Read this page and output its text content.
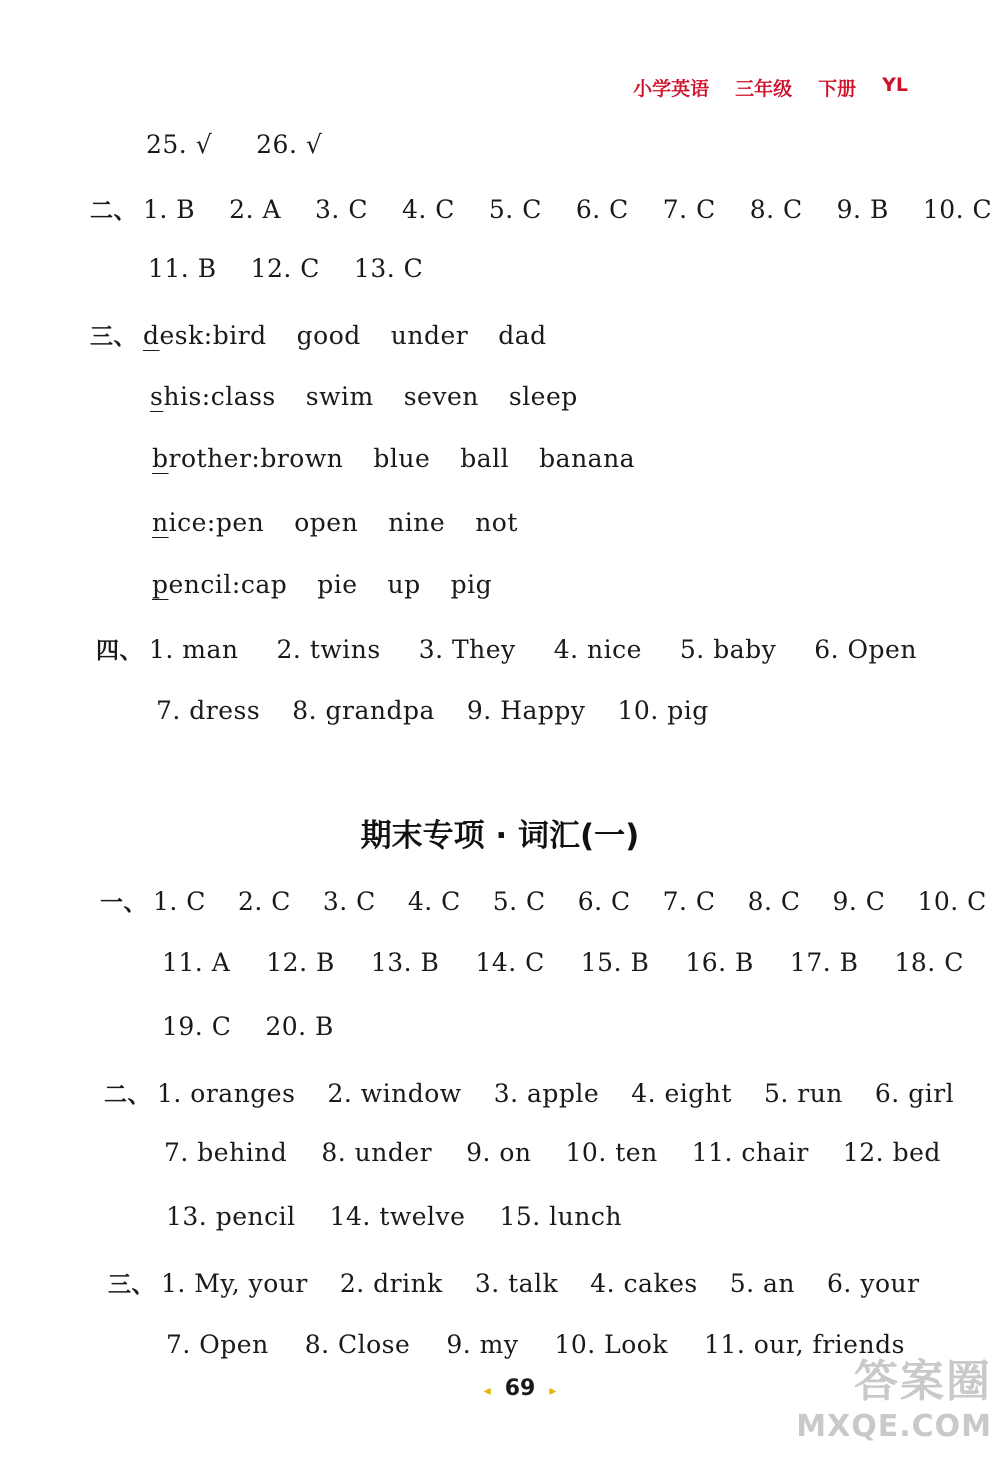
小学英语 三年级 下册 YL
25. √ 26. √
二、 1. B 2. A 3. C 4. C 5. C 6. C 7. C 8. C 9. B 10. C
11. B 12. C 13. C
三、 desk:bird good under dad
shis:class swim seven sleep
brother:brown blue ball banana
nice:pen open nine not
pencil:cap pie up pig
四、 1. man 2. twins 3. They 4. nice 5. baby 6. Open
7. dress 8. grandpa 9. Happy 10. pig
一、 1. C 2. C 3. C 4. C 5. C 6. C 7. C 8. C 9. C 10. C
11. A 12. B 13. B 14. C 15. B 16. B 17. B 18. C
19. C 20. B
二、 1. oranges 2. window 3. apple 4. eight 5. run 6. girl
7. behind 8. under 9. on 10. ten 11. chair 12. bed
13. pencil 14. twelve 15. lunch
三、 1. My, your 2. drink 3. talk 4. cakes 5. an 6. your
7. Open 8. Close 9. my 10. Look 11. our, friends
期末专项 · 词汇(一)
◂ 69 ▸	答案圈
MXQE.COM
